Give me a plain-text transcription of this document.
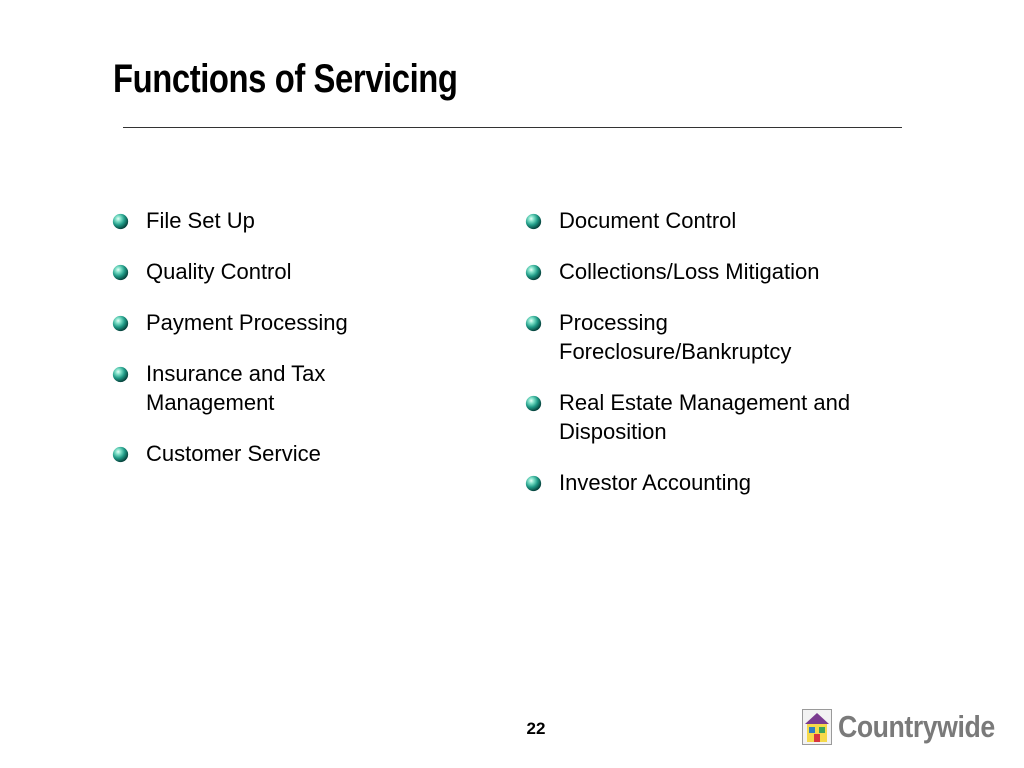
Functions of Servicing
File Set Up
Quality Control
Payment Processing
Insurance and Tax Management
Customer Service
Document Control
Collections/Loss Mitigation
Processing Foreclosure/Bankruptcy
Real Estate Management and Disposition
Investor Accounting
22	Countrywide
